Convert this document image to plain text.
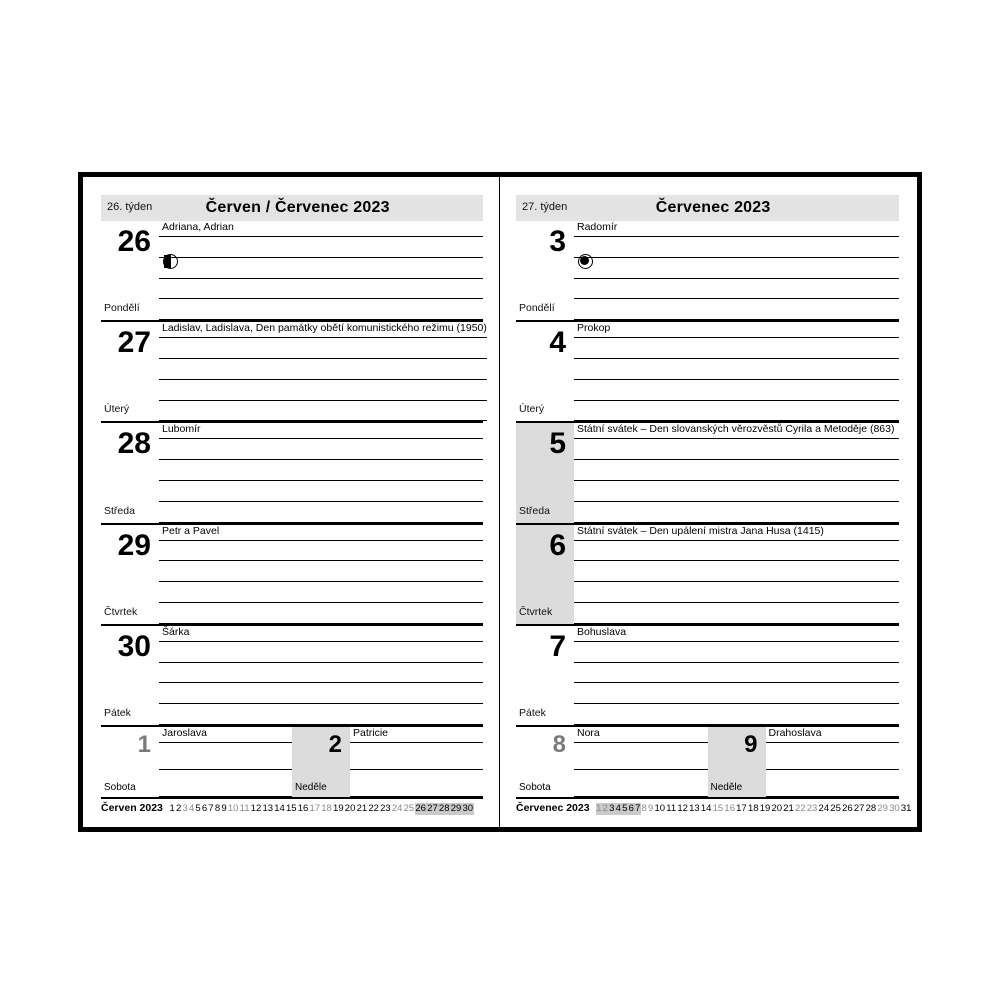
26. týden	Červen / Červenec 2023
26
Pondělí
Adriana, Adrian
27
Úterý
Ladislav, Ladislava, Den památky obětí komunistického režimu (1950)
28
Středa
Lubomír
29
Čtvrtek
Petr a Pavel
30
Pátek
Šárka
1
Sobota
Jaroslava	2
Neděle
Patricie
Červen 2023 1 2 3 4 5 6 7 8 9 10 11 12 13 14 15 16 17 18 19 20 21 22 23 24 25 26 27 28 29 30
27. týden	Červenec 2023
3
Pondělí
Radomír
4
Úterý
Prokop
5
Středa
Státní svátek – Den slovanských věrozvěstů Cyrila a Metoděje (863)
6
Čtvrtek
Státní svátek – Den upálení mistra Jana Husa (1415)
7
Pátek
Bohuslava
8
Sobota
Nora	9
Neděle
Drahoslava
Červenec 2023 1 2 3 4 5 6 7 8 9 10 11 12 13 14 15 16 17 18 19 20 21 22 23 24 25 26 27 28 29 30 31
